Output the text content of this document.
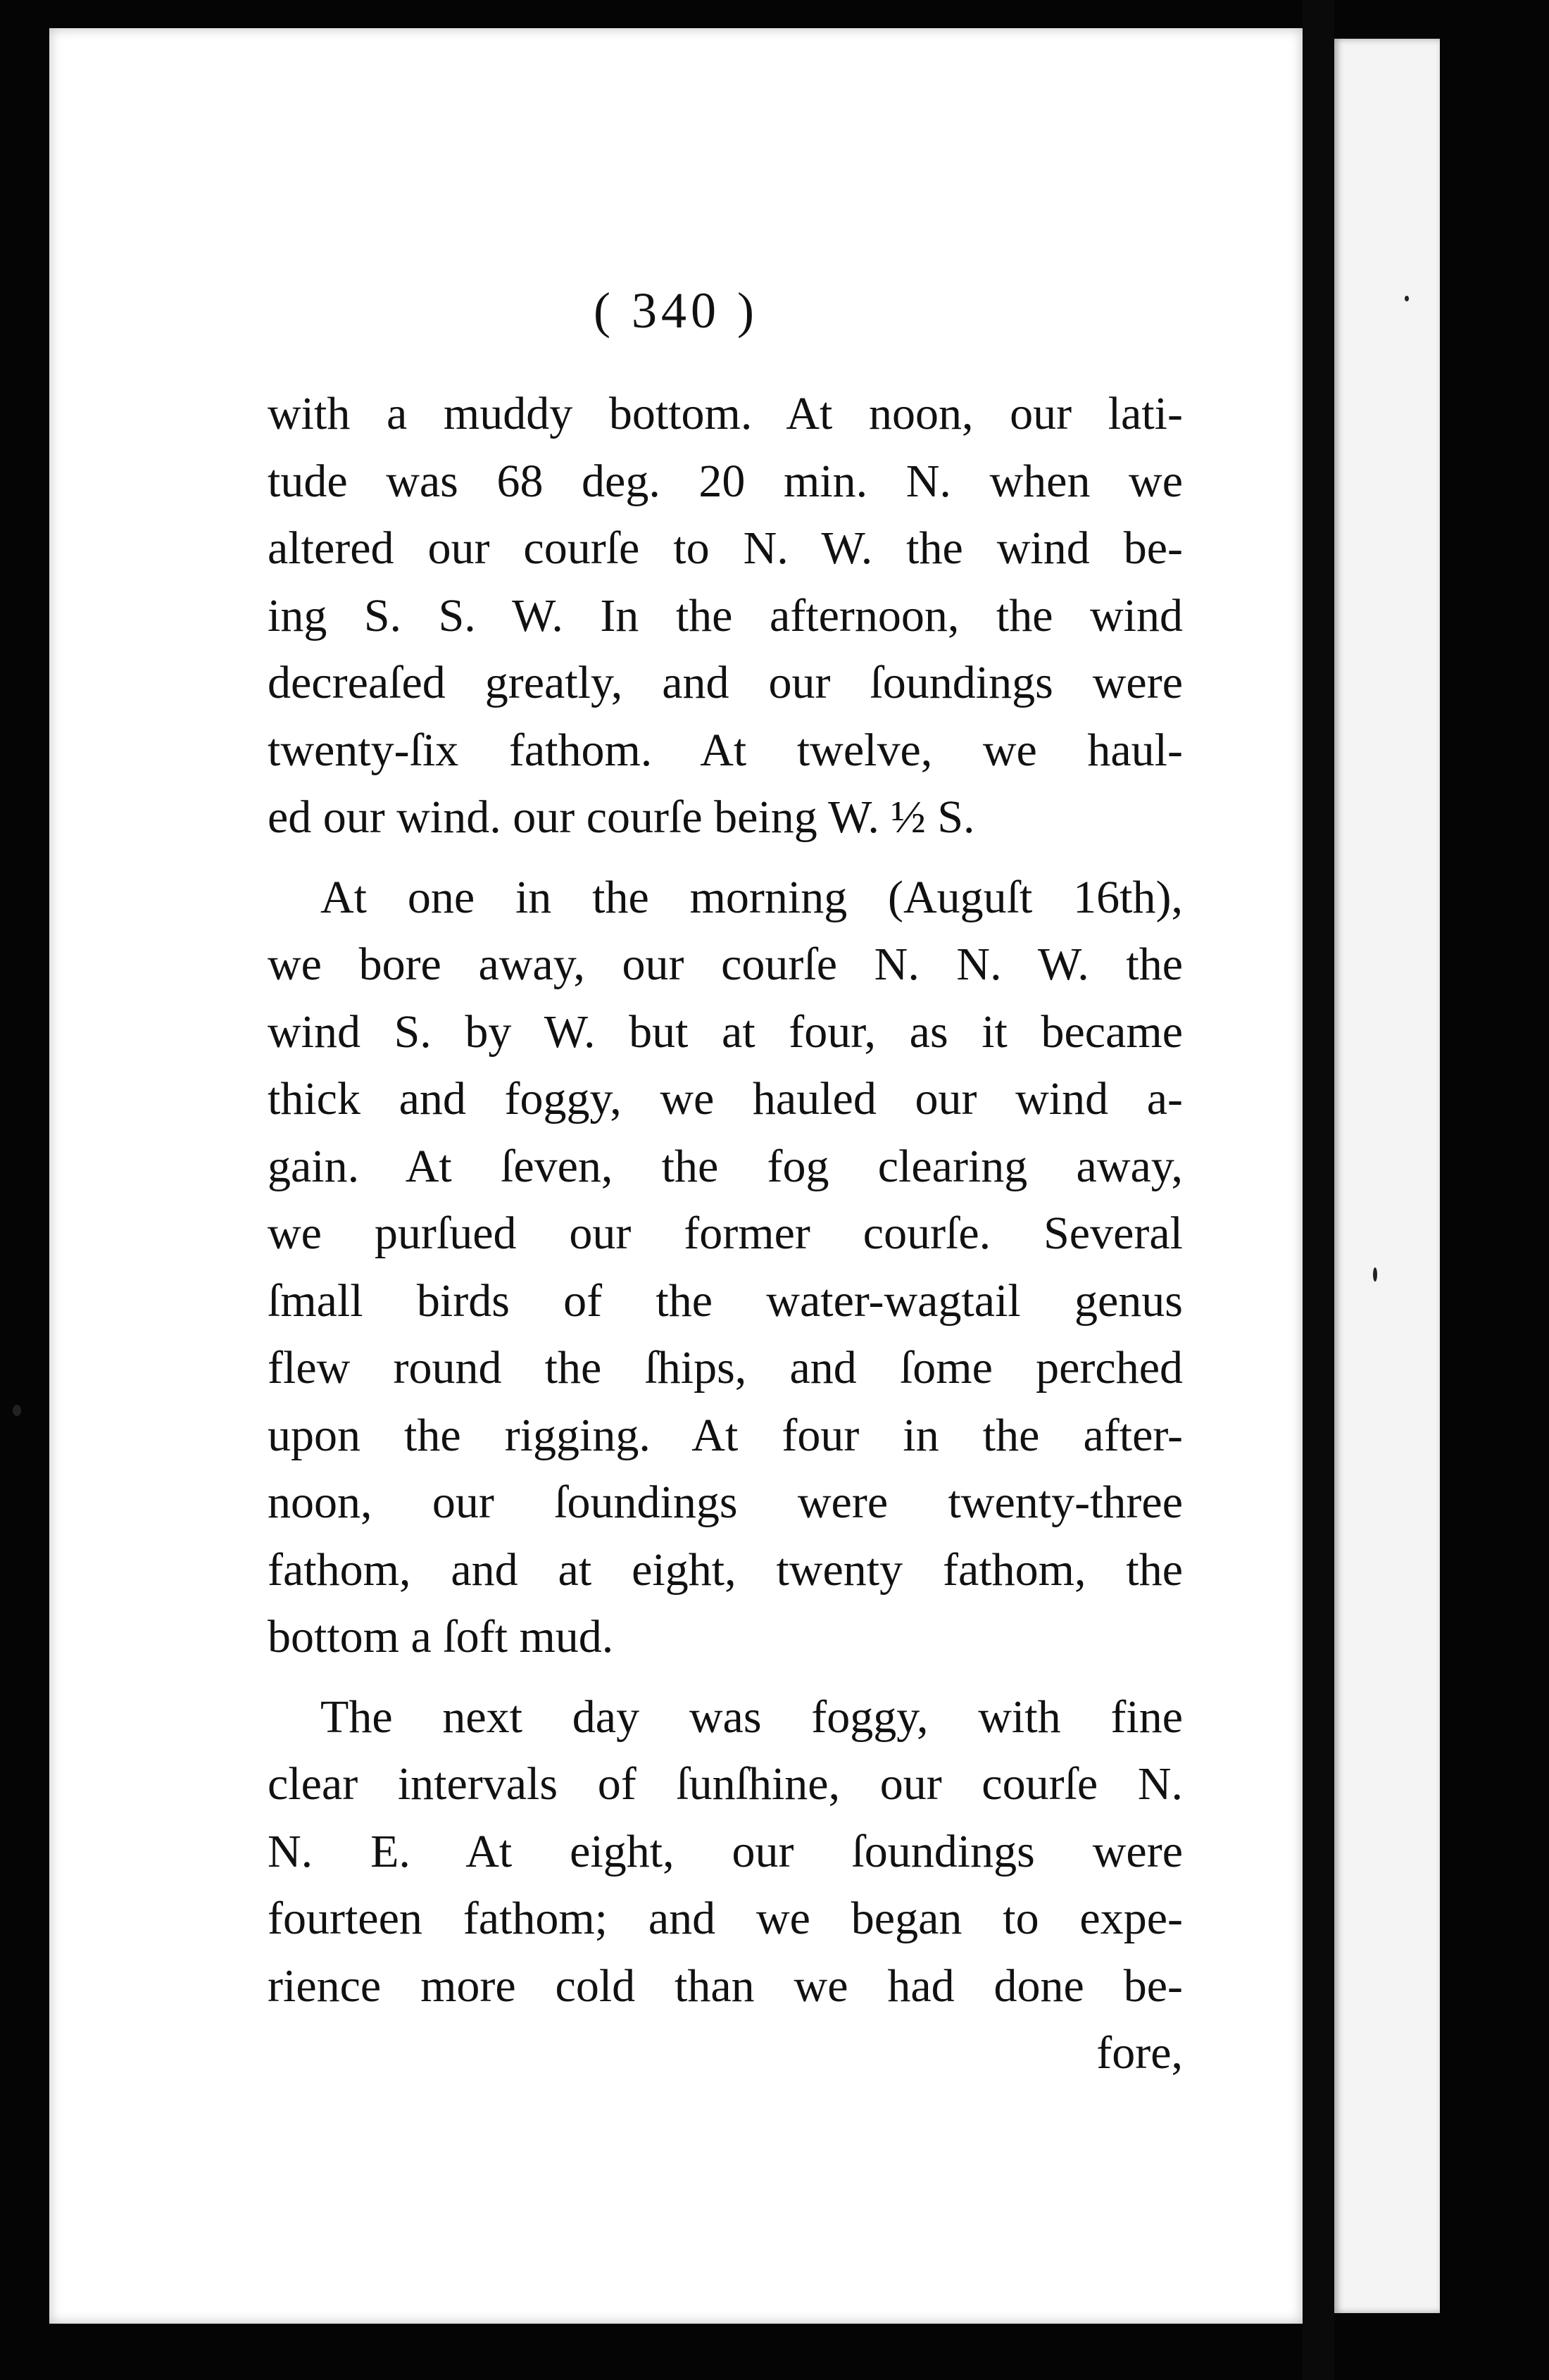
( 340 )

with a muddy bottom. At noon, our lati-
tude was 68 deg. 20 min. N. when we
altered our courſe to N. W. the wind be-
ing S. S. W. In the afternoon, the wind
decreaſed greatly, and our ſoundings were
twenty-ſix fathom. At twelve, we haul-
ed our wind. our courſe being W. ½ S.

At one in the morning (Auguſt 16th),
we bore away, our courſe N. N. W. the
wind S. by W. but at four, as it became
thick and foggy, we hauled our wind a-
gain. At ſeven, the fog clearing away,
we purſued our former courſe. Several
ſmall birds of the water-wagtail genus
flew round the ſhips, and ſome perched
upon the rigging. At four in the after-
noon, our ſoundings were twenty-three
fathom, and at eight, twenty fathom, the
bottom a ſoft mud.

The next day was foggy, with fine
clear intervals of ſunſhine, our courſe N.
N. E. At eight, our ſoundings were
fourteen fathom; and we began to expe-
rience more cold than we had done be-

fore,
